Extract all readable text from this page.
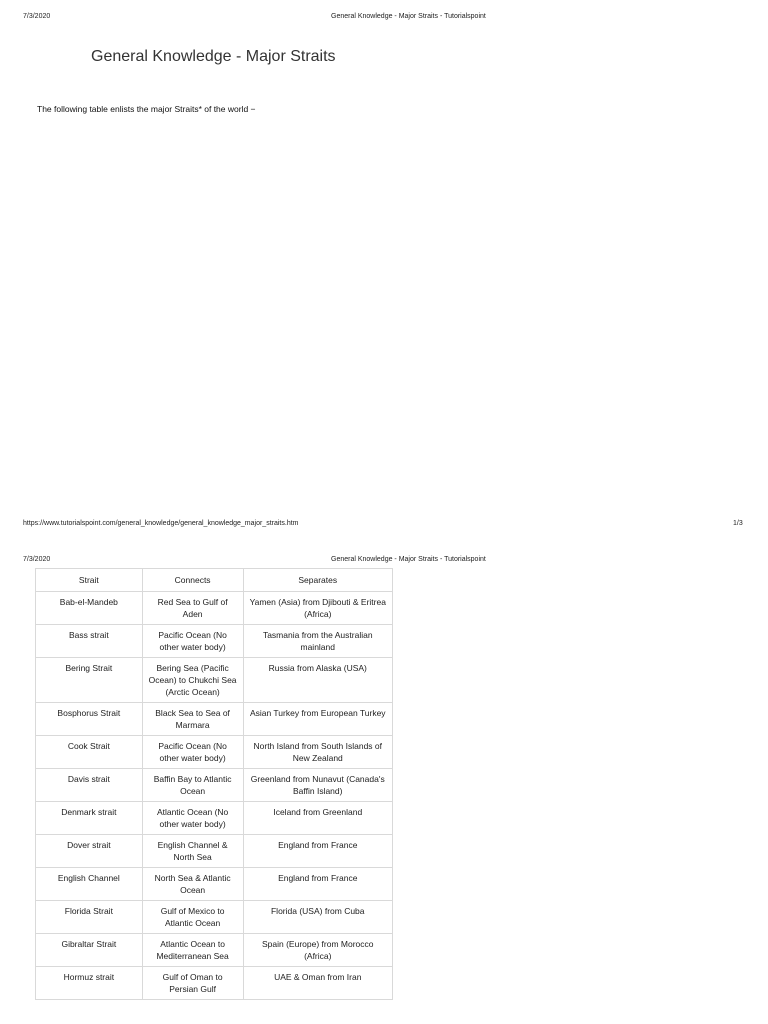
7/3/2020	General Knowledge - Major Straits - Tutorialspoint
General Knowledge - Major Straits
The following table enlists the major Straits* of the world −
https://www.tutorialspoint.com/general_knowledge/general_knowledge_major_straits.htm	1/3
7/3/2020	General Knowledge - Major Straits - Tutorialspoint
Strait	Connects	Separates
Bab-el-Mandeb	Red Sea to Gulf of Aden	Yamen (Asia) from Djibouti & Eritrea (Africa)
Bass strait	Pacific Ocean (No other water body)	Tasmania from the Australian mainland
Bering Strait	Bering Sea (Pacific Ocean) to Chukchi Sea (Arctic Ocean)	Russia from Alaska (USA)
Bosphorus Strait	Black Sea to Sea of Marmara	Asian Turkey from European Turkey
Cook Strait	Pacific Ocean (No other water body)	North Island from South Islands of New Zealand
Davis strait	Baffin Bay to Atlantic Ocean	Greenland from Nunavut (Canada's Baffin Island)
Denmark strait	Atlantic Ocean (No other water body)	Iceland from Greenland
Dover strait	English Channel & North Sea	England from France
English Channel	North Sea & Atlantic Ocean	England from France
Florida Strait	Gulf of Mexico to Atlantic Ocean	Florida (USA) from Cuba
Gibraltar Strait	Atlantic Ocean to Mediterranean Sea	Spain (Europe) from Morocco (Africa)
Hormuz strait	Gulf of Oman to Persian Gulf	UAE & Oman from Iran
